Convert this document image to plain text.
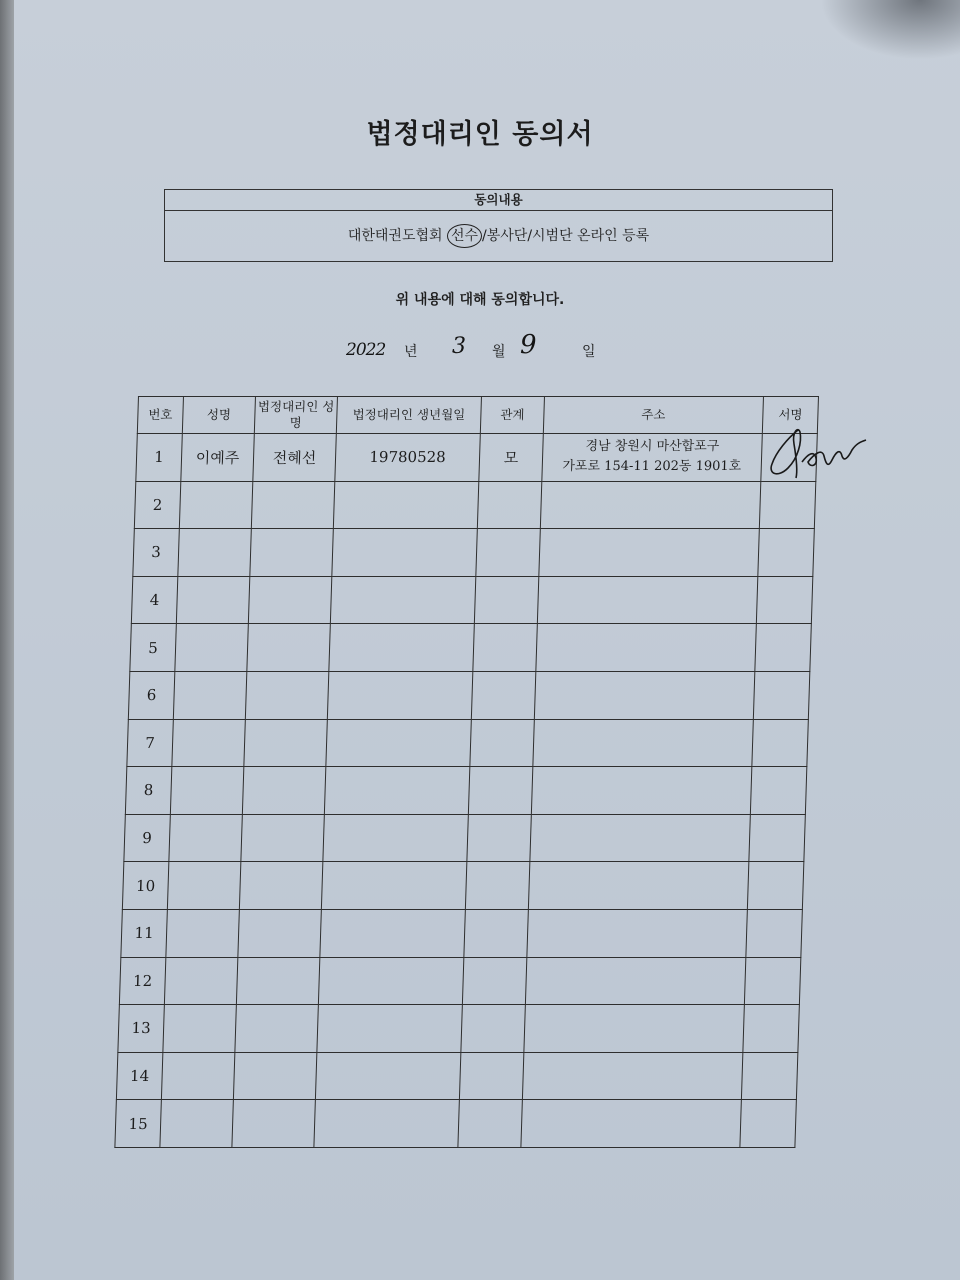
법정대리인 동의서
동의내용
대한태권도협회 선수 /봉사단/시범단 온라인 등록
위 내용에 대해 동의합니다.
2022 년 3 월 9	일
번호	성명	법정대리인 성명	법정대리인 생년월일	관계	주소	서명
1	이예주	전혜선	19780528	모	경남 창원시 마산합포구
가포로 154-11 202동 1901호	

2						
3						
4						
5						
6						
7						
8						
9						
10						
11						
12						
13						
14						
15						
